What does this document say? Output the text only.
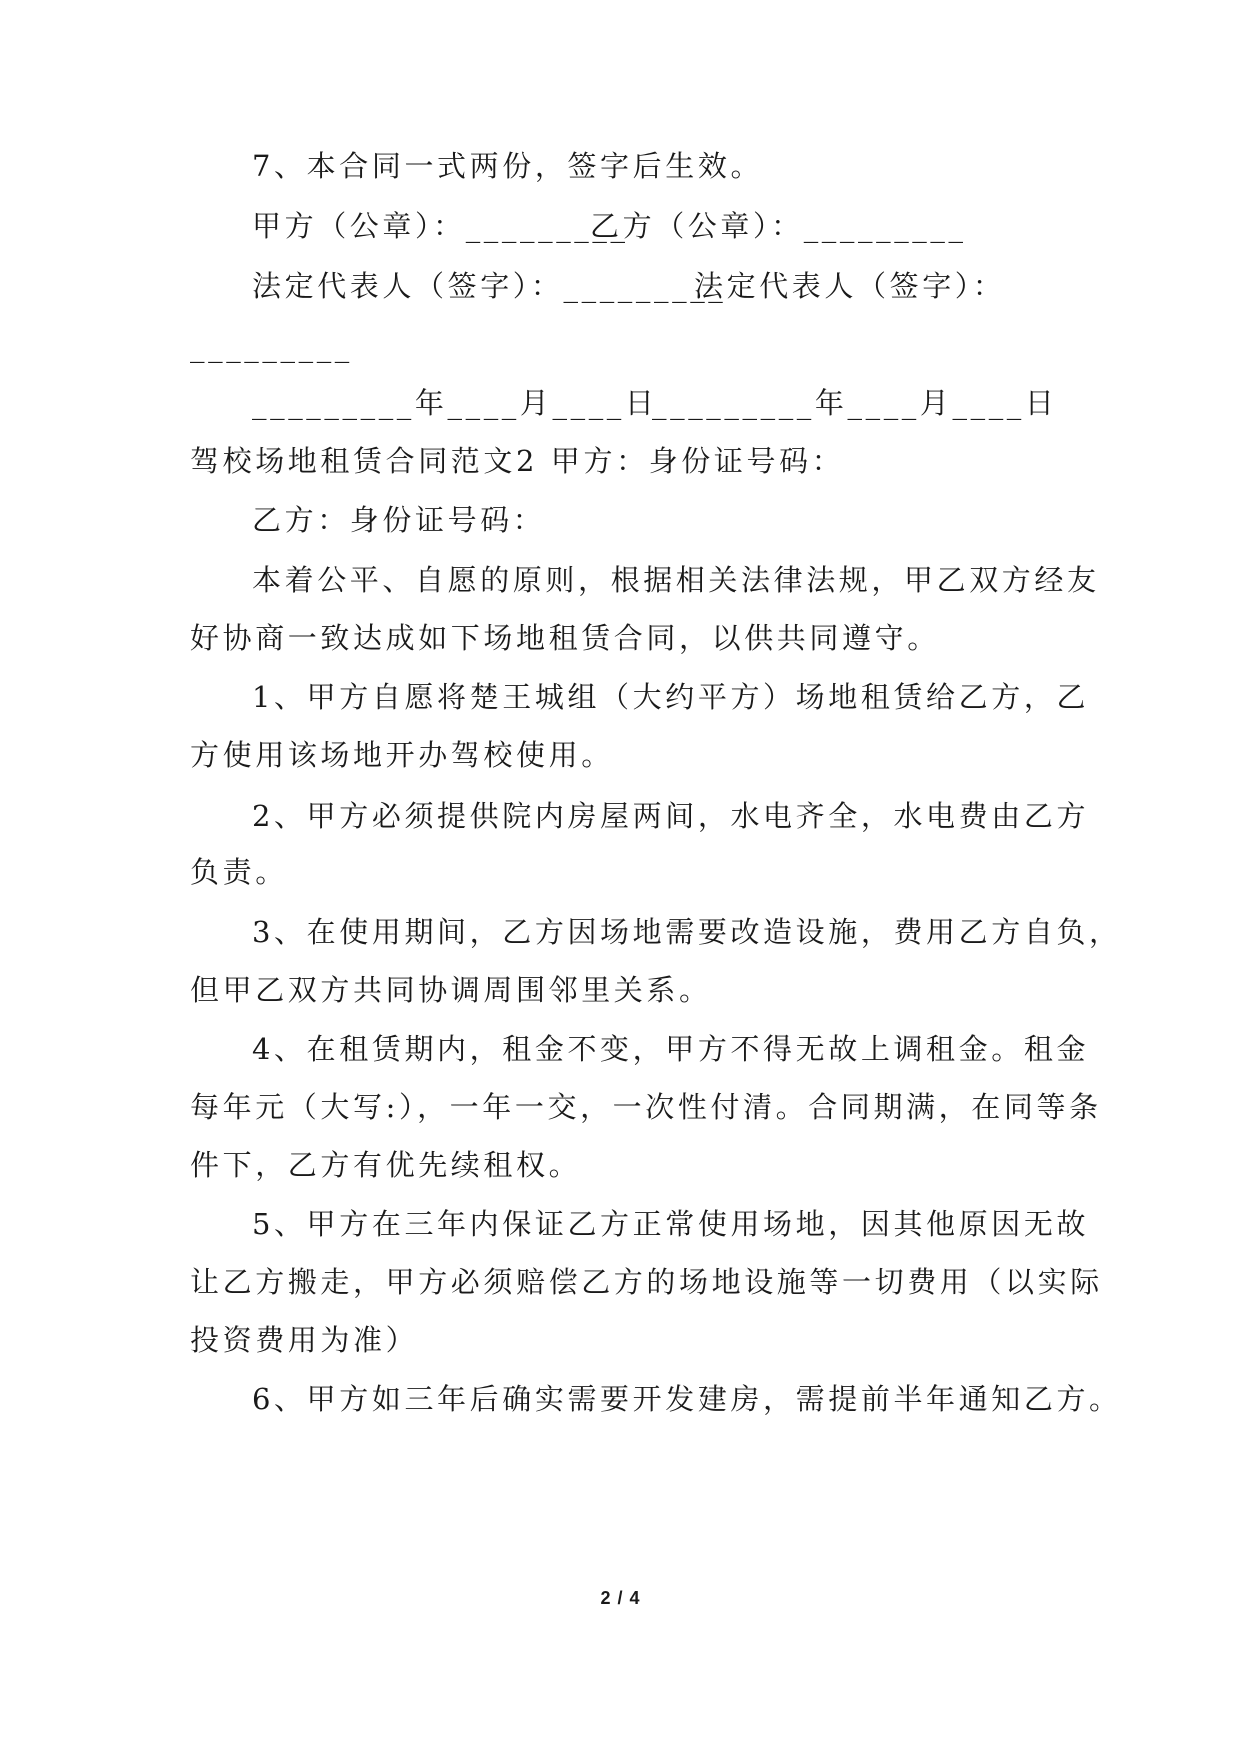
7、本合同一式两份，签字后生效。
甲方（公章）：_________
乙方（公章）：_________
法定代表人（签字）：_________
法定代表人（签字）：
_________
_________年____月____日
_________年____月____日
驾校场地租赁合同范文2 甲方：身份证号码：
乙方：身份证号码：
本着公平、自愿的原则，根据相关法律法规，甲乙双方经友
好协商一致达成如下场地租赁合同，以供共同遵守。
1、甲方自愿将楚王城组（大约平方）场地租赁给乙方，乙
方使用该场地开办驾校使用。
2、甲方必须提供院内房屋两间，水电齐全，水电费由乙方
负责。
3、在使用期间，乙方因场地需要改造设施，费用乙方自负，
但甲乙双方共同协调周围邻里关系。
4、在租赁期内，租金不变，甲方不得无故上调租金。租金
每年元（大写:），一年一交，一次性付清。合同期满，在同等条
件下，乙方有优先续租权。
5、甲方在三年内保证乙方正常使用场地，因其他原因无故
让乙方搬走，甲方必须赔偿乙方的场地设施等一切费用（以实际
投资费用为准）
6、甲方如三年后确实需要开发建房，需提前半年通知乙方。
2 / 4
